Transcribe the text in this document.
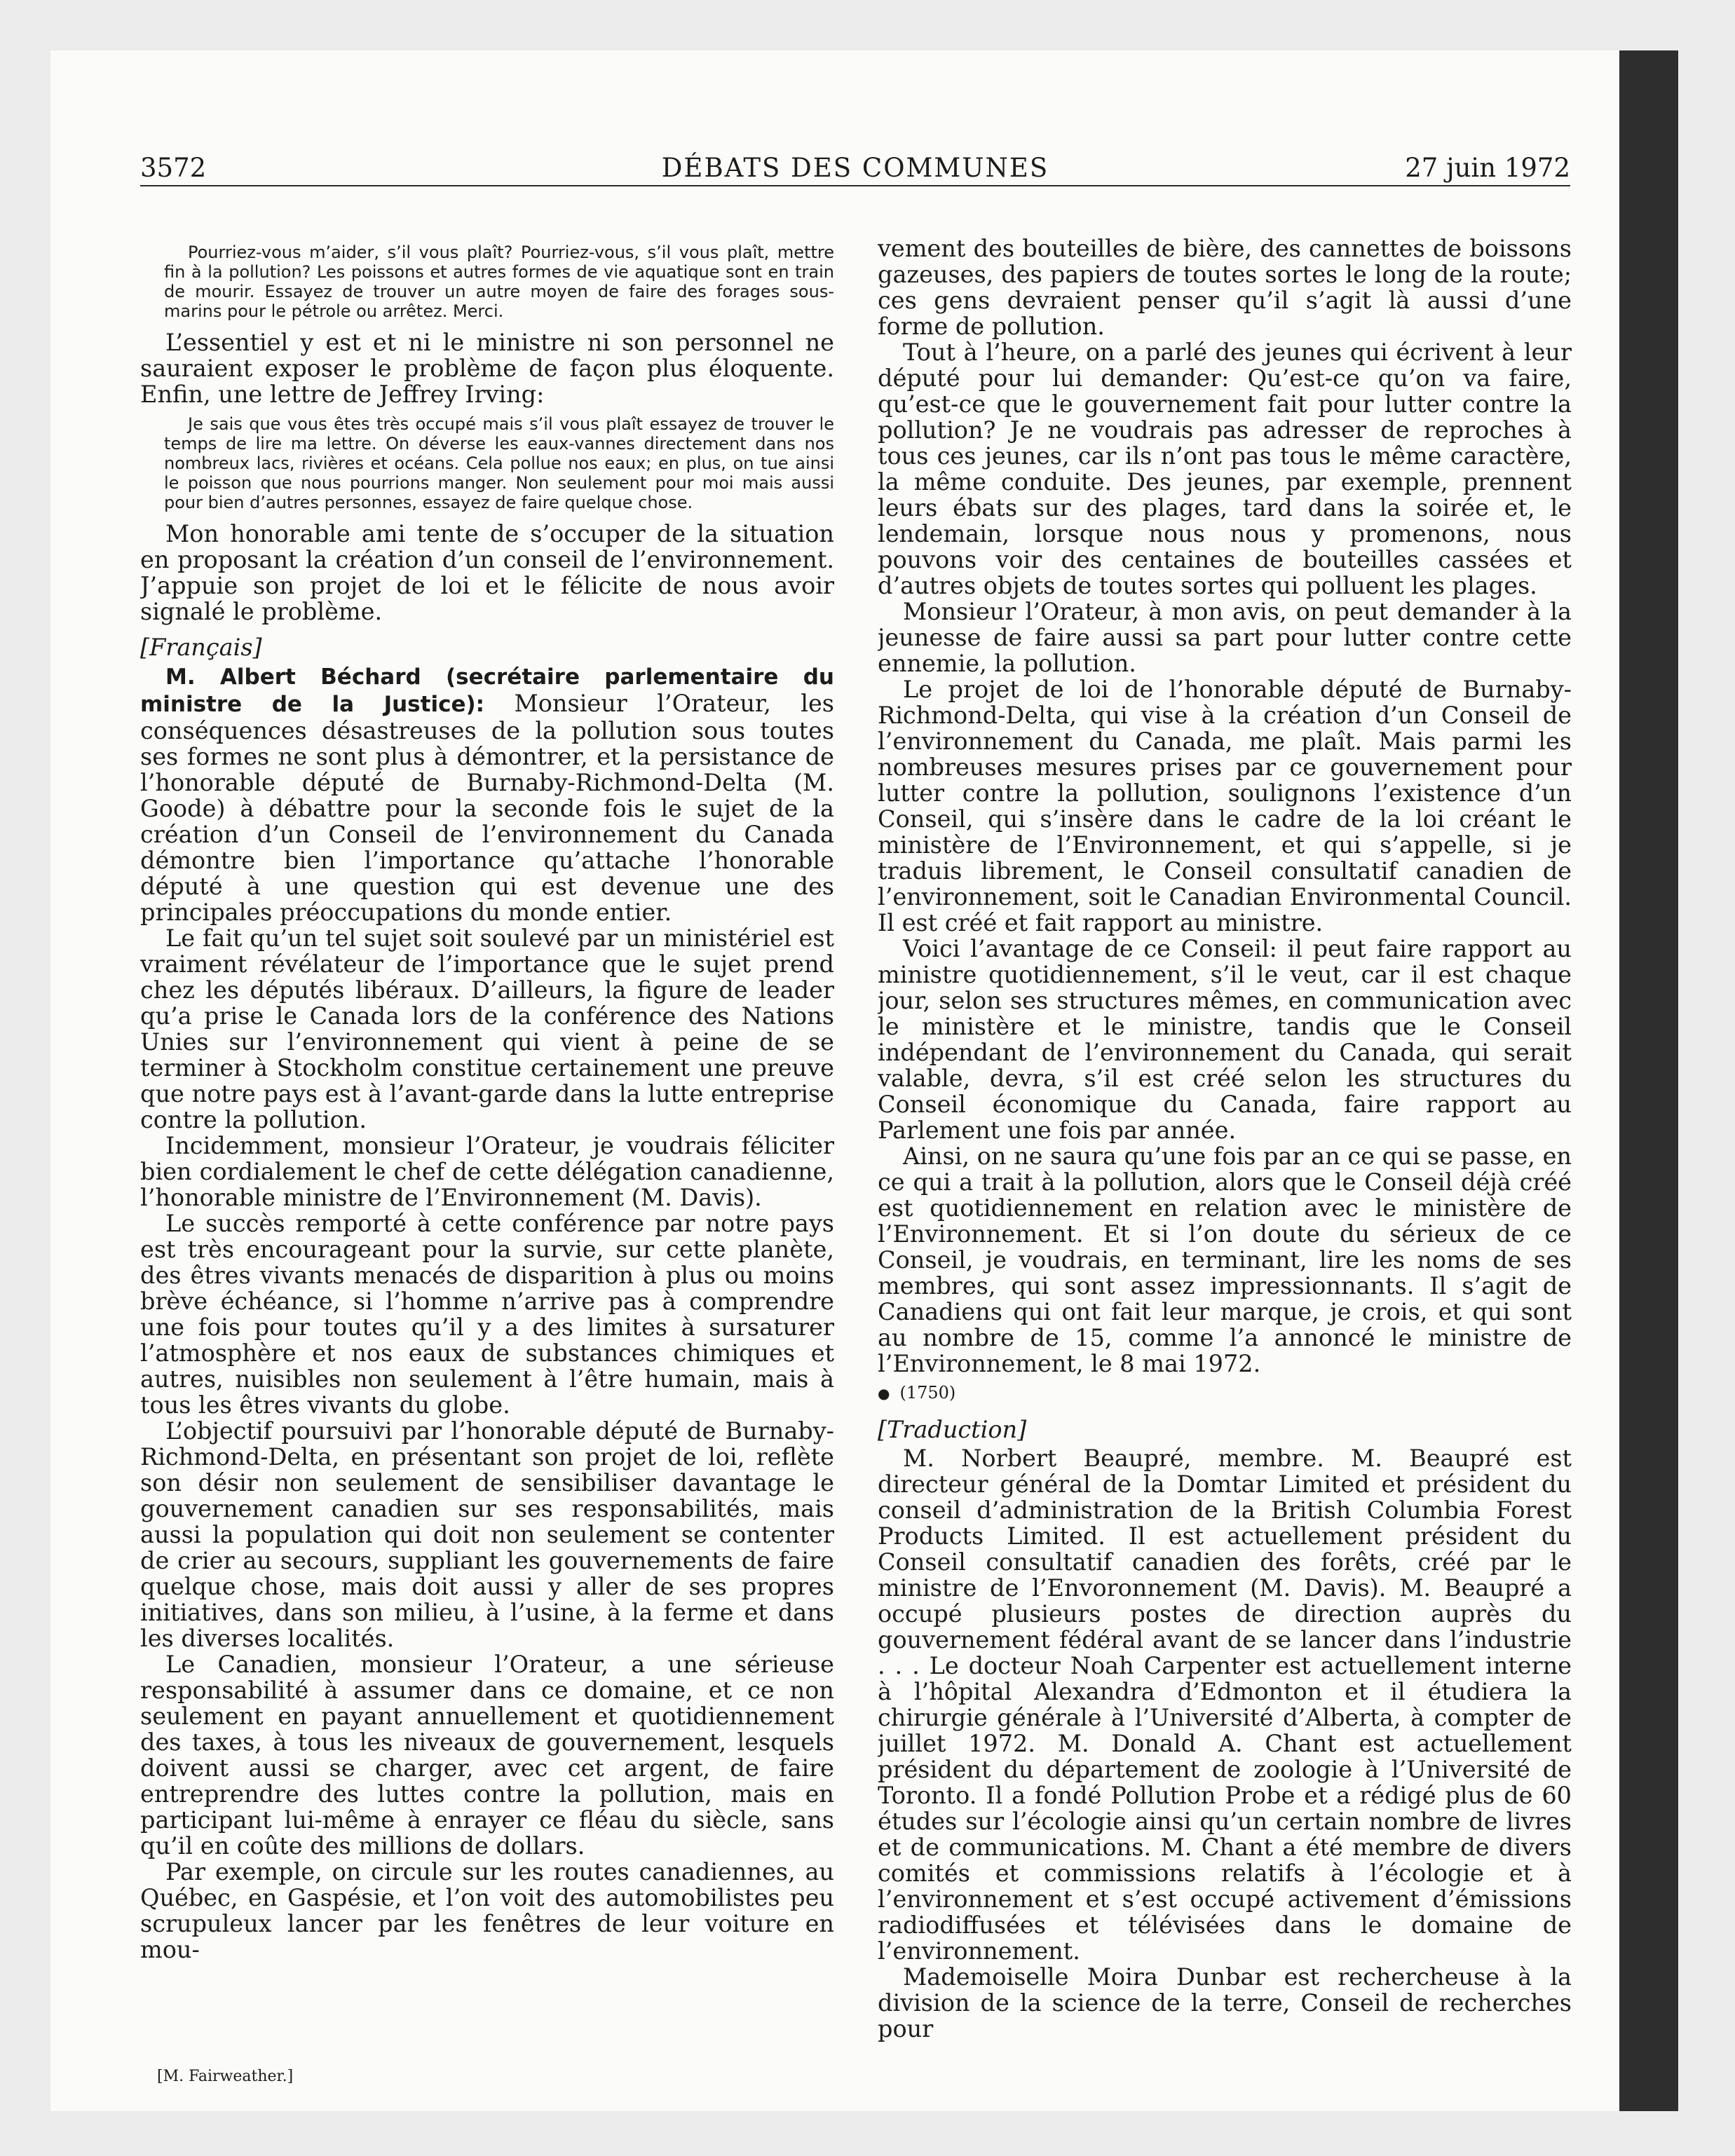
DÉBATS DES COMMUNES
3572	27 juin 1972

Pourriez-vous m’aider, s’il vous plaît? Pourriez-vous, s’il vous plaît, mettre fin à la pollution? Les poissons et autres formes de vie aquatique sont en train de mourir. Essayez de trouver un autre moyen de faire des forages sous-marins pour le pétrole ou arrêtez. Merci.

L’essentiel y est et ni le ministre ni son personnel ne sauraient exposer le problème de façon plus éloquente. Enfin, une lettre de Jeffrey Irving:

Je sais que vous êtes très occupé mais s’il vous plaît essayez de trouver le temps de lire ma lettre. On déverse les eaux-vannes directement dans nos nombreux lacs, rivières et océans. Cela pollue nos eaux; en plus, on tue ainsi le poisson que nous pourrions manger. Non seulement pour moi mais aussi pour bien d’autres personnes, essayez de faire quelque chose.

Mon honorable ami tente de s’occuper de la situation en proposant la création d’un conseil de l’environnement. J’appuie son projet de loi et le félicite de nous avoir signalé le problème.

[Français]

M. Albert Béchard (secrétaire parlementaire du ministre de la Justice): Monsieur l’Orateur, les conséquences désastreuses de la pollution sous toutes ses formes ne sont plus à démontrer, et la persistance de l’honorable député de Burnaby-Richmond-Delta (M. Goode) à débattre pour la seconde fois le sujet de la création d’un Conseil de l’environnement du Canada démontre bien l’importance qu’attache l’honorable député à une question qui est devenue une des principales préoccupations du monde entier.

Le fait qu’un tel sujet soit soulevé par un ministériel est vraiment révélateur de l’importance que le sujet prend chez les députés libéraux. D’ailleurs, la figure de leader qu’a prise le Canada lors de la conférence des Nations Unies sur l’environnement qui vient à peine de se terminer à Stockholm constitue certainement une preuve que notre pays est à l’avant-garde dans la lutte entreprise contre la pollution.

Incidemment, monsieur l’Orateur, je voudrais féliciter bien cordialement le chef de cette délégation canadienne, l’honorable ministre de l’Environnement (M. Davis).

Le succès remporté à cette conférence par notre pays est très encourageant pour la survie, sur cette planète, des êtres vivants menacés de disparition à plus ou moins brève échéance, si l’homme n’arrive pas à comprendre une fois pour toutes qu’il y a des limites à sursaturer l’atmosphère et nos eaux de substances chimiques et autres, nuisibles non seulement à l’être humain, mais à tous les êtres vivants du globe.

L’objectif poursuivi par l’honorable député de Burnaby-Richmond-Delta, en présentant son projet de loi, reflète son désir non seulement de sensibiliser davantage le gouvernement canadien sur ses responsabilités, mais aussi la population qui doit non seulement se contenter de crier au secours, suppliant les gouvernements de faire quelque chose, mais doit aussi y aller de ses propres initiatives, dans son milieu, à l’usine, à la ferme et dans les diverses localités.

Le Canadien, monsieur l’Orateur, a une sérieuse responsabilité à assumer dans ce domaine, et ce non seulement en payant annuellement et quotidiennement des taxes, à tous les niveaux de gouvernement, lesquels doivent aussi se charger, avec cet argent, de faire entreprendre des luttes contre la pollution, mais en participant lui-même à enrayer ce fléau du siècle, sans qu’il en coûte des millions de dollars.

Par exemple, on circule sur les routes canadiennes, au Québec, en Gaspésie, et l’on voit des automobilistes peu scrupuleux lancer par les fenêtres de leur voiture en mou-

[M. Fairweather.]

vement des bouteilles de bière, des cannettes de boissons gazeuses, des papiers de toutes sortes le long de la route; ces gens devraient penser qu’il s’agit là aussi d’une forme de pollution.

Tout à l’heure, on a parlé des jeunes qui écrivent à leur député pour lui demander: Qu’est-ce qu’on va faire, qu’est-ce que le gouvernement fait pour lutter contre la pollution? Je ne voudrais pas adresser de reproches à tous ces jeunes, car ils n’ont pas tous le même caractère, la même conduite. Des jeunes, par exemple, prennent leurs ébats sur des plages, tard dans la soirée et, le lendemain, lorsque nous nous y promenons, nous pouvons voir des centaines de bouteilles cassées et d’autres objets de toutes sortes qui polluent les plages.

Monsieur l’Orateur, à mon avis, on peut demander à la jeunesse de faire aussi sa part pour lutter contre cette ennemie, la pollution.

Le projet de loi de l’honorable député de Burnaby-Richmond-Delta, qui vise à la création d’un Conseil de l’environnement du Canada, me plaît. Mais parmi les nombreuses mesures prises par ce gouvernement pour lutter contre la pollution, soulignons l’existence d’un Conseil, qui s’insère dans le cadre de la loi créant le ministère de l’Environnement, et qui s’appelle, si je traduis librement, le Conseil consultatif canadien de l’environnement, soit le Canadian Environmental Council. Il est créé et fait rapport au ministre.

Voici l’avantage de ce Conseil: il peut faire rapport au ministre quotidiennement, s’il le veut, car il est chaque jour, selon ses structures mêmes, en communication avec le ministère et le ministre, tandis que le Conseil indépendant de l’environnement du Canada, qui serait valable, devra, s’il est créé selon les structures du Conseil économique du Canada, faire rapport au Parlement une fois par année.

Ainsi, on ne saura qu’une fois par an ce qui se passe, en ce qui a trait à la pollution, alors que le Conseil déjà créé est quotidiennement en relation avec le ministère de l’Environnement. Et si l’on doute du sérieux de ce Conseil, je voudrais, en terminant, lire les noms de ses membres, qui sont assez impressionnants. Il s’agit de Canadiens qui ont fait leur marque, je crois, et qui sont au nombre de 15, comme l’a annoncé le ministre de l’Environnement, le 8 mai 1972.

● (1750)

[Traduction]

M. Norbert Beaupré, membre. M. Beaupré est directeur général de la Domtar Limited et président du conseil d’administration de la British Columbia Forest Products Limited. Il est actuellement président du Conseil consultatif canadien des forêts, créé par le ministre de l’Envoronnement (M. Davis). M. Beaupré a occupé plusieurs postes de direction auprès du gouvernement fédéral avant de se lancer dans l’industrie . . . Le docteur Noah Carpenter est actuellement interne à l’hôpital Alexandra d’Edmonton et il étudiera la chirurgie générale à l’Université d’Alberta, à compter de juillet 1972. M. Donald A. Chant est actuellement président du département de zoologie à l’Université de Toronto. Il a fondé Pollution Probe et a rédigé plus de 60 études sur l’écologie ainsi qu’un certain nombre de livres et de communications. M. Chant a été membre de divers comités et commissions relatifs à l’écologie et à l’environnement et s’est occupé activement d’émissions radiodiffusées et télévisées dans le domaine de l’environnement.

Mademoiselle Moira Dunbar est rechercheuse à la division de la science de la terre, Conseil de recherches pour
